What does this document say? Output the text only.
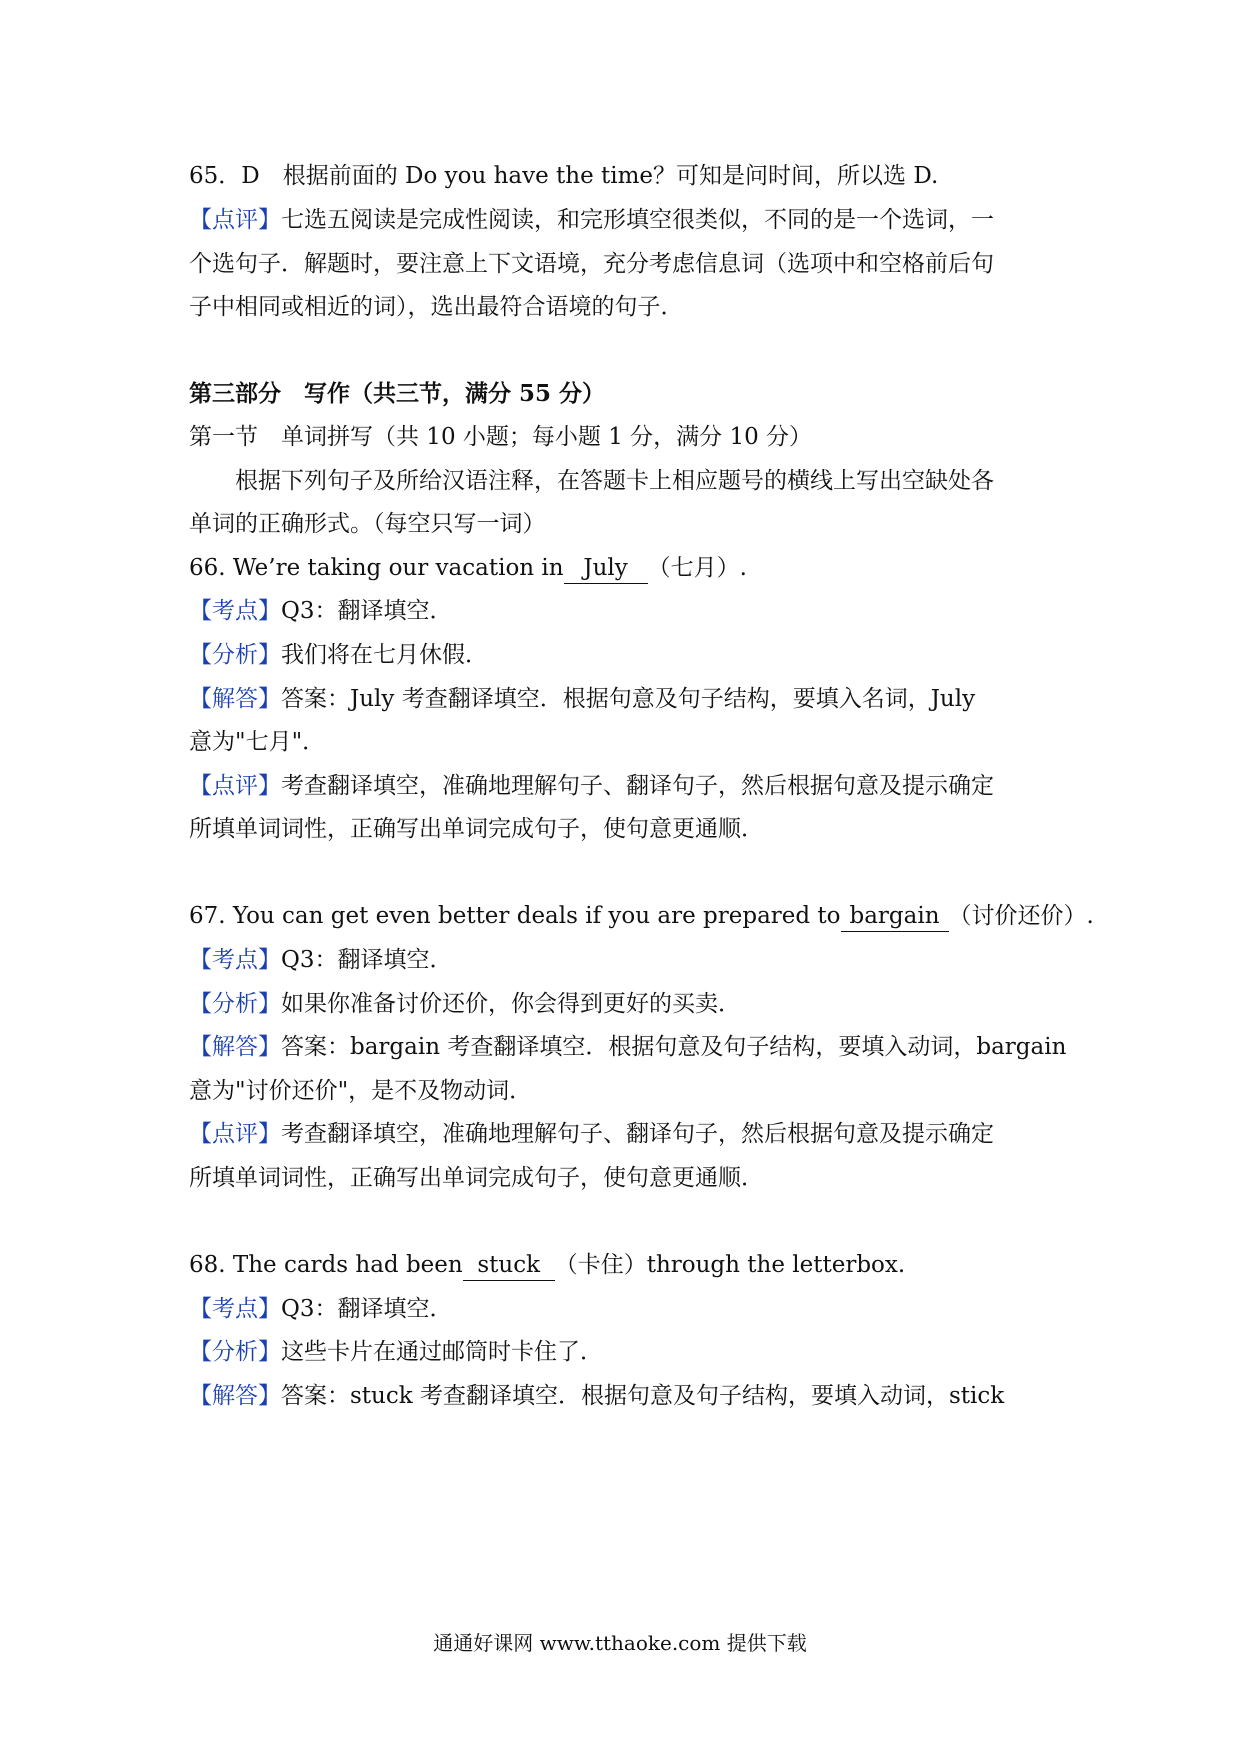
65．D　根据前面的 Do you have the time？可知是问时间，所以选 D.
【点评】七选五阅读是完成性阅读，和完形填空很类似，不同的是一个选词，一
个选句子．解题时，要注意上下文语境，充分考虑信息词（选项中和空格前后句
子中相同或相近的词），选出最符合语境的句子．
第三部分　写作（共三节，满分 55 分）
第一节　单词拼写（共 10 小题；每小题 1 分，满分 10 分）
根据下列句子及所给汉语注释，在答题卡上相应题号的横线上写出空缺处各
单词的正确形式。（每空只写一词）
66. We’re taking our vacation in July （七月）.
【考点】Q3：翻译填空．
【分析】我们将在七月休假．
【解答】答案：July 考查翻译填空．根据句意及句子结构，要填入名词，July
意为"七月"．
【点评】考查翻译填空，准确地理解句子、翻译句子，然后根据句意及提示确定
所填单词词性，正确写出单词完成句子，使句意更通顺．
67. You can get even better deals if you are prepared to bargain （讨价还价）.
【考点】Q3：翻译填空．
【分析】如果你准备讨价还价，你会得到更好的买卖．
【解答】答案：bargain 考查翻译填空．根据句意及句子结构，要填入动词，bargain
意为"讨价还价"，是不及物动词．
【点评】考查翻译填空，准确地理解句子、翻译句子，然后根据句意及提示确定
所填单词词性，正确写出单词完成句子，使句意更通顺．
68. The cards had been stuck （卡住）through the letterbox.
【考点】Q3：翻译填空．
【分析】这些卡片在通过邮筒时卡住了．
【解答】答案：stuck 考查翻译填空．根据句意及句子结构，要填入动词，stick
通通好课网 www.tthaoke.com 提供下载
